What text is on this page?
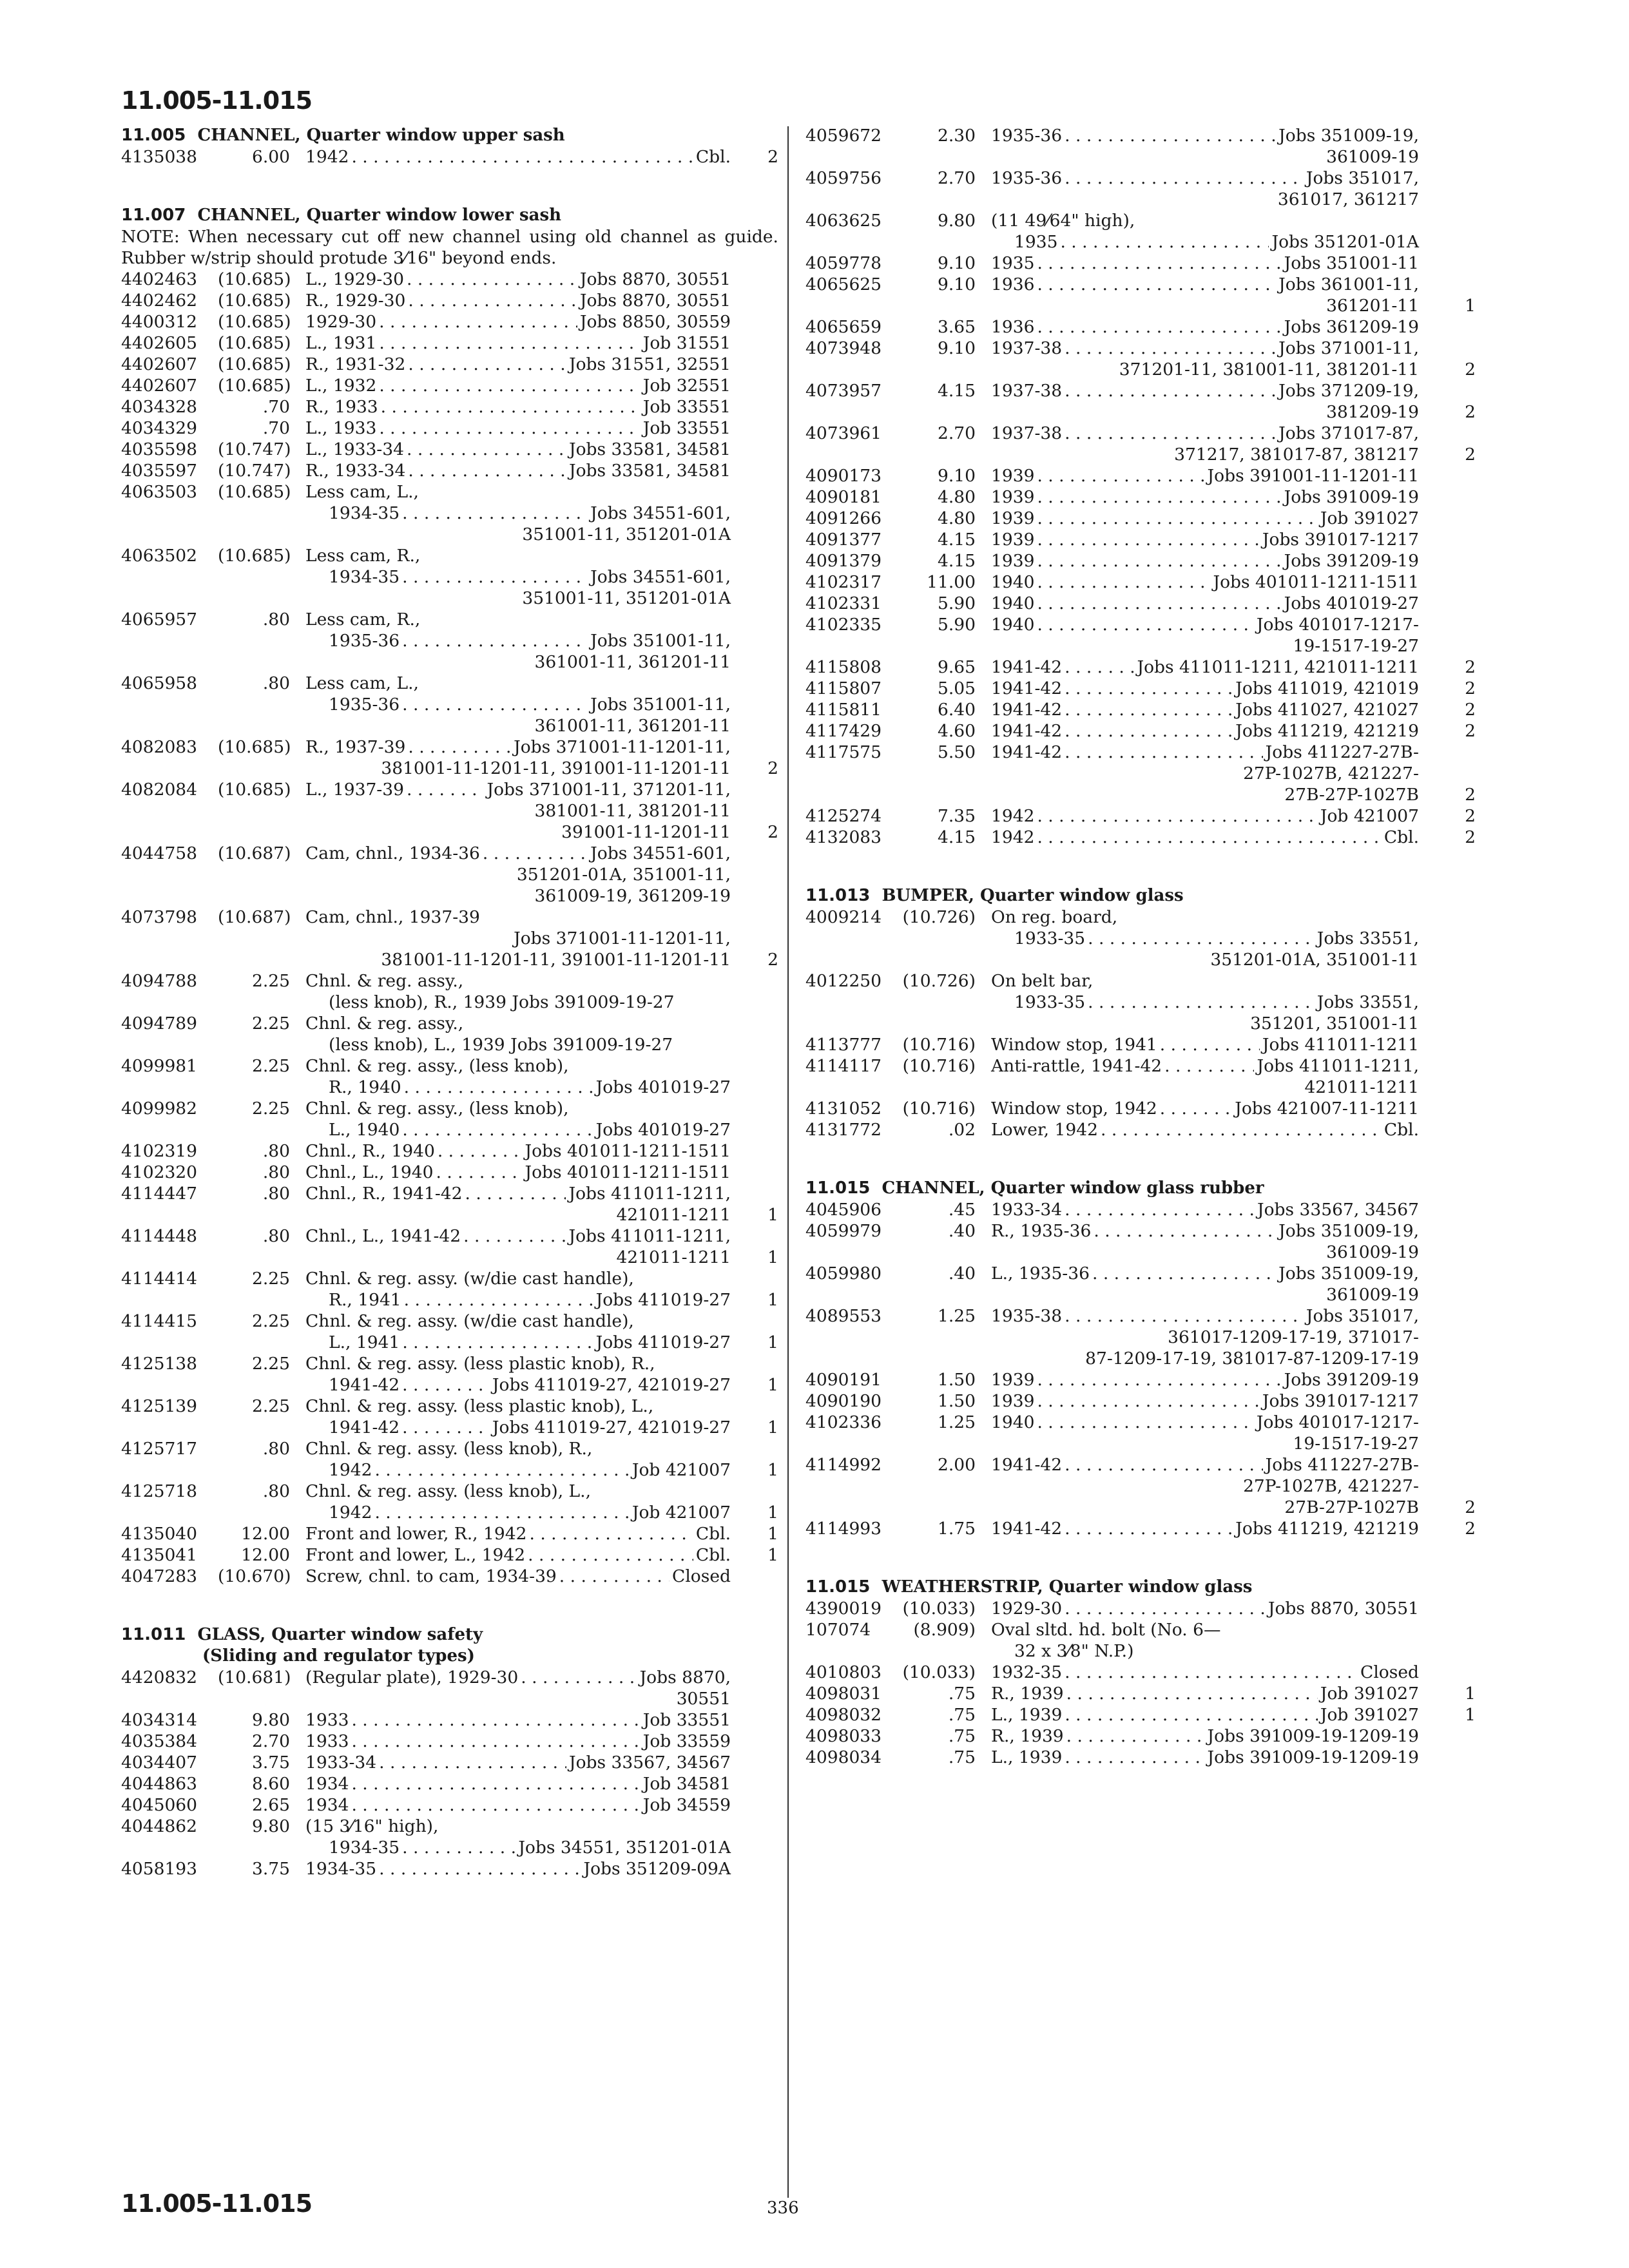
11.005-11.015
11.005 CHANNEL, Quarter window upper sash
4135038	6.00 1942 . . .	Cbl.	2
11.007 CHANNEL, Quarter window lower sash
NOTE: When necessary cut off new channel using old channel as guide. Rubber w/strip should protude 3⁄16" beyond ends.
4402463	(10.685) L., 1929-30 . . .	Jobs 8870, 30551
4402462	(10.685) R., 1929-30 . . .	Jobs 8870, 30551
4400312	(10.685) 1929-30 . . .	Jobs 8850, 30559
4402605	(10.685) L., 1931 . . .	Job 31551
4402607	(10.685) R., 1931-32 . . .	Jobs 31551, 32551
4402607	(10.685) L., 1932 . . .	Job 32551
4034328	.70 R., 1933 . . .	Job 33551
4034329	.70 L., 1933 . . .	Job 33551
4035598	(10.747) L., 1933-34 . . .	Jobs 33581, 34581
4035597	(10.747) R., 1933-34 . . .	Jobs 33581, 34581
4063503	(10.685) Less cam, L.,
1934-35 . . .	Jobs 34551-601,
351001-11, 351201-01A
4063502	(10.685) Less cam, R.,
1934-35 . . .	Jobs 34551-601,
351001-11, 351201-01A
4065957	.80 Less cam, R.,
1935-36 . . .	Jobs 351001-11,
361001-11, 361201-11
4065958	.80 Less cam, L.,
1935-36 . . .	Jobs 351001-11,
361001-11, 361201-11
4082083	(10.685) R., 1937-39 . . .	Jobs 371001-11-1201-11,
381001-11-1201-11, 391001-11-1201-11	2
4082084	(10.685) L., 1937-39 . . .	Jobs 371001-11, 371201-11,
381001-11, 381201-11
391001-11-1201-11	2
4044758	(10.687) Cam, chnl., 1934-36 . . .	Jobs 34551-601,
351201-01A, 351001-11,
361009-19, 361209-19
4073798	(10.687) Cam, chnl., 1937-39
Jobs 371001-11-1201-11,
381001-11-1201-11, 391001-11-1201-11	2
4094788	2.25 Chnl. & reg. assy.,
(less knob), R., 1939 Jobs 391009-19-27
4094789	2.25 Chnl. & reg. assy.,
(less knob), L., 1939 Jobs 391009-19-27
4099981	2.25 Chnl. & reg. assy., (less knob),
R., 1940 . . .	Jobs 401019-27
4099982	2.25 Chnl. & reg. assy., (less knob),
L., 1940 . . .	Jobs 401019-27
4102319	.80 Chnl., R., 1940 . . .	Jobs 401011-1211-1511
4102320	.80 Chnl., L., 1940 . . .	Jobs 401011-1211-1511
4114447	.80 Chnl., R., 1941-42 . . .	Jobs 411011-1211,
421011-1211	1
4114448	.80 Chnl., L., 1941-42 . . .	Jobs 411011-1211,
421011-1211	1
4114414	2.25 Chnl. & reg. assy. (w/die cast handle),
R., 1941 . . .	Jobs 411019-27	1
4114415	2.25 Chnl. & reg. assy. (w/die cast handle),
L., 1941 . . .	Jobs 411019-27	1
4125138	2.25 Chnl. & reg. assy. (less plastic knob), R.,
1941-42 . . .	Jobs 411019-27, 421019-27	1
4125139	2.25 Chnl. & reg. assy. (less plastic knob), L.,
1941-42 . . .	Jobs 411019-27, 421019-27	1
4125717	.80 Chnl. & reg. assy. (less knob), R.,
1942 . . .	Job 421007	1
4125718	.80 Chnl. & reg. assy. (less knob), L.,
1942 . . .	Job 421007	1
4135040	12.00 Front and lower, R., 1942 . . .	Cbl.	1
4135041	12.00 Front and lower, L., 1942 . . .	Cbl.	1
4047283	(10.670) Screw, chnl. to cam, 1934-39 . . .	Closed
11.011 GLASS, Quarter window safety
(Sliding and regulator types)
4420832	(10.681) (Regular plate), 1929-30 . . .	Jobs 8870,
30551
4034314	9.80 1933 . . .	Job 33551
4035384	2.70 1933 . . .	Job 33559
4034407	3.75 1933-34 . . .	Jobs 33567, 34567
4044863	8.60 1934 . . .	Job 34581
4045060	2.65 1934 . . .	Job 34559
4044862	9.80 (15 3⁄16" high),
1934-35 . . .	Jobs 34551, 351201-01A
4058193	3.75 1934-35 . . .	Jobs 351209-09A
4059672	2.30 1935-36 . . .	Jobs 351009-19,
361009-19
4059756	2.70 1935-36 . . .	Jobs 351017,
361017, 361217
4063625	9.80 (11 49⁄64" high),
1935 . . .	Jobs 351201-01A
4059778	9.10 1935 . . .	Jobs 351001-11
4065625	9.10 1936 . . .	Jobs 361001-11,
361201-11	1
4065659	3.65 1936 . . .	Jobs 361209-19
4073948	9.10 1937-38 . . .	Jobs 371001-11,
371201-11, 381001-11, 381201-11	2
4073957	4.15 1937-38 . . .	Jobs 371209-19,
381209-19	2
4073961	2.70 1937-38 . . .	Jobs 371017-87,
371217, 381017-87, 381217	2
4090173	9.10 1939 . . .	Jobs 391001-11-1201-11
4090181	4.80 1939 . . .	Jobs 391009-19
4091266	4.80 1939 . . .	Job 391027
4091377	4.15 1939 . . .	Jobs 391017-1217
4091379	4.15 1939 . . .	Jobs 391209-19
4102317	11.00 1940 . . .	Jobs 401011-1211-1511
4102331	5.90 1940 . . .	Jobs 401019-27
4102335	5.90 1940 . . .	Jobs 401017-1217-
19-1517-19-27
4115808	9.65 1941-42 . . .	Jobs 411011-1211, 421011-1211	2
4115807	5.05 1941-42 . . .	Jobs 411019, 421019	2
4115811	6.40 1941-42 . . .	Jobs 411027, 421027	2
4117429	4.60 1941-42 . . .	Jobs 411219, 421219	2
4117575	5.50 1941-42 . . .	Jobs 411227-27B-
27P-1027B, 421227-
27B-27P-1027B	2
4125274	7.35 1942 . . .	Job 421007	2
4132083	4.15 1942 . . .	Cbl.	2
11.013 BUMPER, Quarter window glass
4009214	(10.726) On reg. board,
1933-35 . . .	Jobs 33551,
351201-01A, 351001-11
4012250	(10.726) On belt bar,
1933-35 . . .	Jobs 33551,
351201, 351001-11
4113777	(10.716) Window stop, 1941 . . .	Jobs 411011-1211
4114117	(10.716) Anti-rattle, 1941-42 . . .	Jobs 411011-1211,
421011-1211
4131052	(10.716) Window stop, 1942 . . .	Jobs 421007-11-1211
4131772	.02 Lower, 1942 . . .	Cbl.
11.015 CHANNEL, Quarter window glass rubber
4045906	.45 1933-34 . . .	Jobs 33567, 34567
4059979	.40 R., 1935-36 . . .	Jobs 351009-19,
361009-19
4059980	.40 L., 1935-36 . . .	Jobs 351009-19,
361009-19
4089553	1.25 1935-38 . . .	Jobs 351017,
361017-1209-17-19, 371017-
87-1209-17-19, 381017-87-1209-17-19
4090191	1.50 1939 . . .	Jobs 391209-19
4090190	1.50 1939 . . .	Jobs 391017-1217
4102336	1.25 1940 . . .	Jobs 401017-1217-
19-1517-19-27
4114992	2.00 1941-42 . . .	Jobs 411227-27B-
27P-1027B, 421227-
27B-27P-1027B	2
4114993	1.75 1941-42 . . .	Jobs 411219, 421219	2
11.015 WEATHERSTRIP, Quarter window glass
4390019	(10.033) 1929-30 . . .	Jobs 8870, 30551
107074	(8.909) Oval sltd. hd. bolt (No. 6—
32 x 3⁄8" N.P.)
4010803	(10.033) 1932-35 . . .	Closed
4098031	.75 R., 1939 . . .	Job 391027	1
4098032	.75 L., 1939 . . .	Job 391027	1
4098033	.75 R., 1939 . . .	Jobs 391009-19-1209-19
4098034	.75 L., 1939 . . .	Jobs 391009-19-1209-19
11.005-11.015	336
